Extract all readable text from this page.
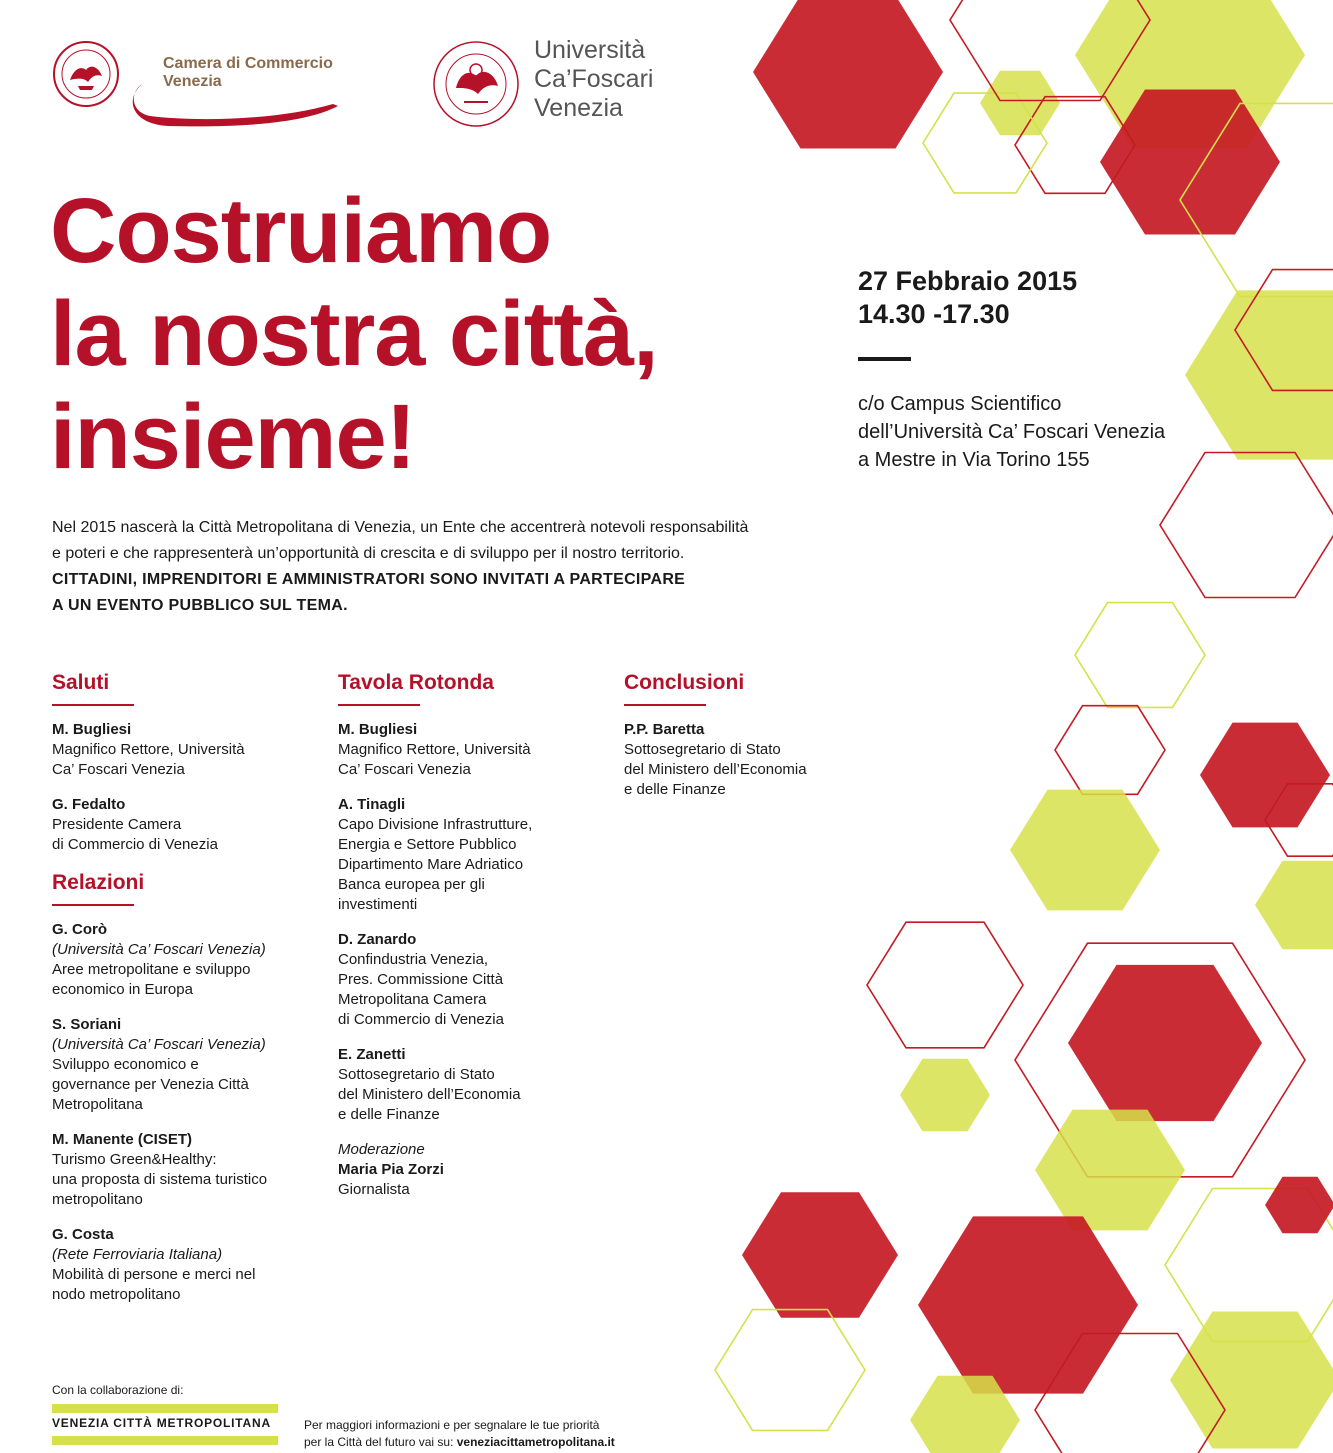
Camera di Commercio
Venezia
Università
Ca’Foscari
Venezia
Costruiamo
la nostra città,
insieme!
27 Febbraio 2015
14.30 -17.30
c/o Campus Scientifico
dell’Università Ca’ Foscari Venezia
a Mestre in Via Torino 155
Nel 2015 nascerà la Città Metropolitana di Venezia, un Ente che accentrerà notevoli responsabilità
e poteri e che rappresenterà un’opportunità di crescita e di sviluppo per il nostro territorio.
CITTADINI, IMPRENDITORI E AMMINISTRATORI SONO INVITATI A PARTECIPARE
A UN EVENTO PUBBLICO SUL TEMA.
Saluti
M. Bugliesi
Magnifico Rettore, Università
Ca’ Foscari Venezia
G. Fedalto
Presidente Camera
di Commercio di Venezia
Relazioni
G. Corò
(Università Ca’ Foscari Venezia)
Aree metropolitane e sviluppo
economico in Europa
S. Soriani
(Università Ca’ Foscari Venezia)
Sviluppo economico e
governance per Venezia Città
Metropolitana
M. Manente (CISET)
Turismo Green&Healthy:
una proposta di sistema turistico
metropolitano
G. Costa
(Rete Ferroviaria Italiana)
Mobilità di persone e merci nel
nodo metropolitano
Tavola Rotonda
M. Bugliesi
Magnifico Rettore, Università
Ca’ Foscari Venezia
A. Tinagli
Capo Divisione Infrastrutture,
Energia e Settore Pubblico
Dipartimento Mare Adriatico
Banca europea per gli
investimenti
D. Zanardo
Confindustria Venezia,
Pres. Commissione Città
Metropolitana Camera
di Commercio di Venezia
E. Zanetti
Sottosegretario di Stato
del Ministero dell’Economia
e delle Finanze
Moderazione
Maria Pia Zorzi
Giornalista
Conclusioni
P.P. Baretta
Sottosegretario di Stato
del Ministero dell’Economia
e delle Finanze
Con la collaborazione di:
VENEZIA CITTÀ METROPOLITANA	Per maggiori informazioni e per segnalare le tue priorità
per la Città del futuro vai su: veneziacittametropolitana.it
